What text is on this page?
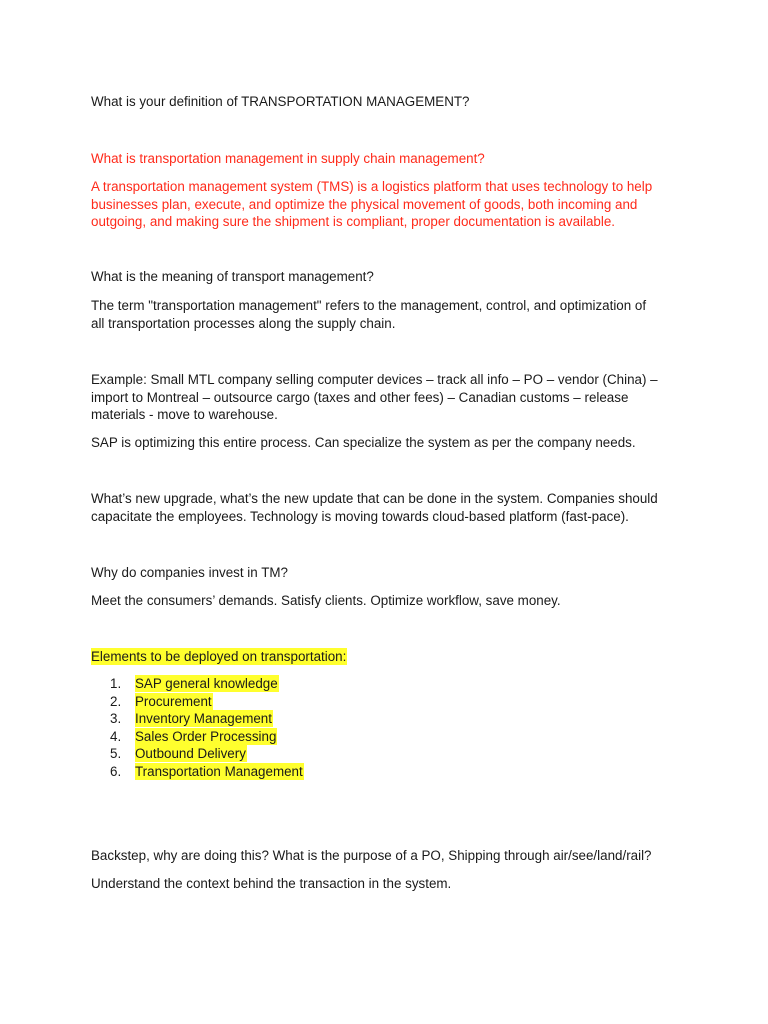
What is your definition of TRANSPORTATION MANAGEMENT?
What is transportation management in supply chain management?
A transportation management system (TMS) is a logistics platform that uses technology to help
businesses plan, execute, and optimize the physical movement of goods, both incoming and
outgoing, and making sure the shipment is compliant, proper documentation is available.
What is the meaning of transport management?
The term "transportation management" refers to the management, control, and optimization of
all transportation processes along the supply chain.
Example: Small MTL company selling computer devices – track all info – PO – vendor (China) –
import to Montreal – outsource cargo (taxes and other fees) – Canadian customs – release
materials - move to warehouse.
SAP is optimizing this entire process. Can specialize the system as per the company needs.
What’s new upgrade, what’s the new update that can be done in the system. Companies should
capacitate the employees. Technology is moving towards cloud-based platform (fast-pace).
Why do companies invest in TM?
Meet the consumers’ demands. Satisfy clients. Optimize workflow, save money.
Elements to be deployed on transportation:
1. SAP general knowledge
2. Procurement
3. Inventory Management
4. Sales Order Processing
5. Outbound Delivery
6. Transportation Management
Backstep, why are doing this? What is the purpose of a PO, Shipping through air/see/land/rail?
Understand the context behind the transaction in the system.
